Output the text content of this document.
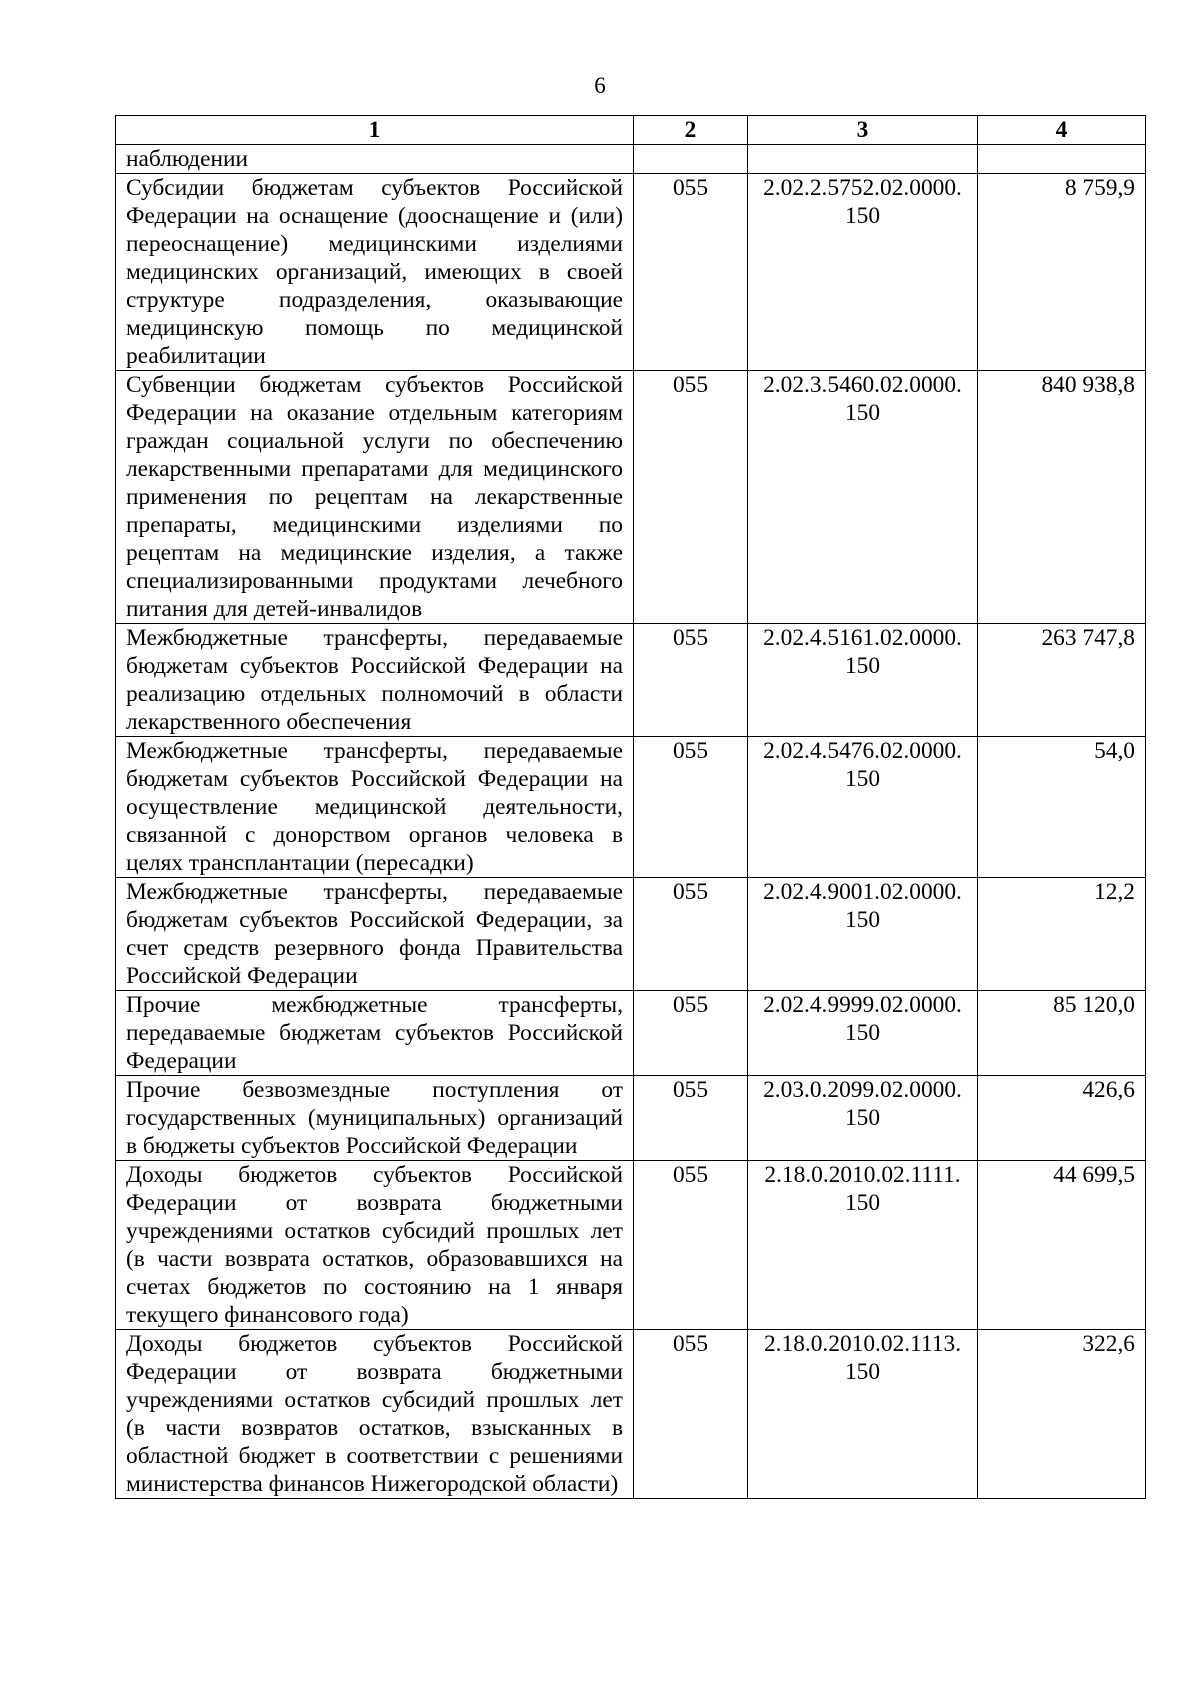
6
1	2	3	4
наблюдении			
Субсидии бюджетам субъектов Российской Федерации на оснащение (дооснащение и (или) переоснащение) медицинскими изделиями медицинских организаций, имеющих в своей структуре подразделения, оказывающие медицинскую помощь по медицинской реабилитации	055	2.02.2.5752.02.0000. 150	8 759,9
Субвенции бюджетам субъектов Российской Федерации на оказание отдельным категориям граждан социальной услуги по обеспечению лекарственными препаратами для медицинского применения по рецептам на лекарственные препараты, медицинскими изделиями по рецептам на медицинские изделия, а также специализированными продуктами лечебного питания для детей-инвалидов	055	2.02.3.5460.02.0000. 150	840 938,8
Межбюджетные трансферты, передаваемые бюджетам субъектов Российской Федерации на реализацию отдельных полномочий в области лекарственного обеспечения	055	2.02.4.5161.02.0000. 150	263 747,8
Межбюджетные трансферты, передаваемые бюджетам субъектов Российской Федерации на осуществление медицинской деятельности, связанной с донорством органов человека в целях трансплантации (пересадки)	055	2.02.4.5476.02.0000. 150	54,0
Межбюджетные трансферты, передаваемые бюджетам субъектов Российской Федерации, за счет средств резервного фонда Правительства Российской Федерации	055	2.02.4.9001.02.0000. 150	12,2
Прочие межбюджетные трансферты, передаваемые бюджетам субъектов Российской Федерации	055	2.02.4.9999.02.0000. 150	85 120,0
Прочие безвозмездные поступления от государственных (муниципальных) организаций в бюджеты субъектов Российской Федерации	055	2.03.0.2099.02.0000. 150	426,6
Доходы бюджетов субъектов Российской Федерации от возврата бюджетными учреждениями остатков субсидий прошлых лет (в части возврата остатков, образовавшихся на счетах бюджетов по состоянию на 1 января текущего финансового года)	055	2.18.0.2010.02.1111. 150	44 699,5
Доходы бюджетов субъектов Российской Федерации от возврата бюджетными учреждениями остатков субсидий прошлых лет (в части возвратов остатков, взысканных в областной бюджет в соответствии с решениями министерства финансов Нижегородской области)	055	2.18.0.2010.02.1113. 150	322,6
